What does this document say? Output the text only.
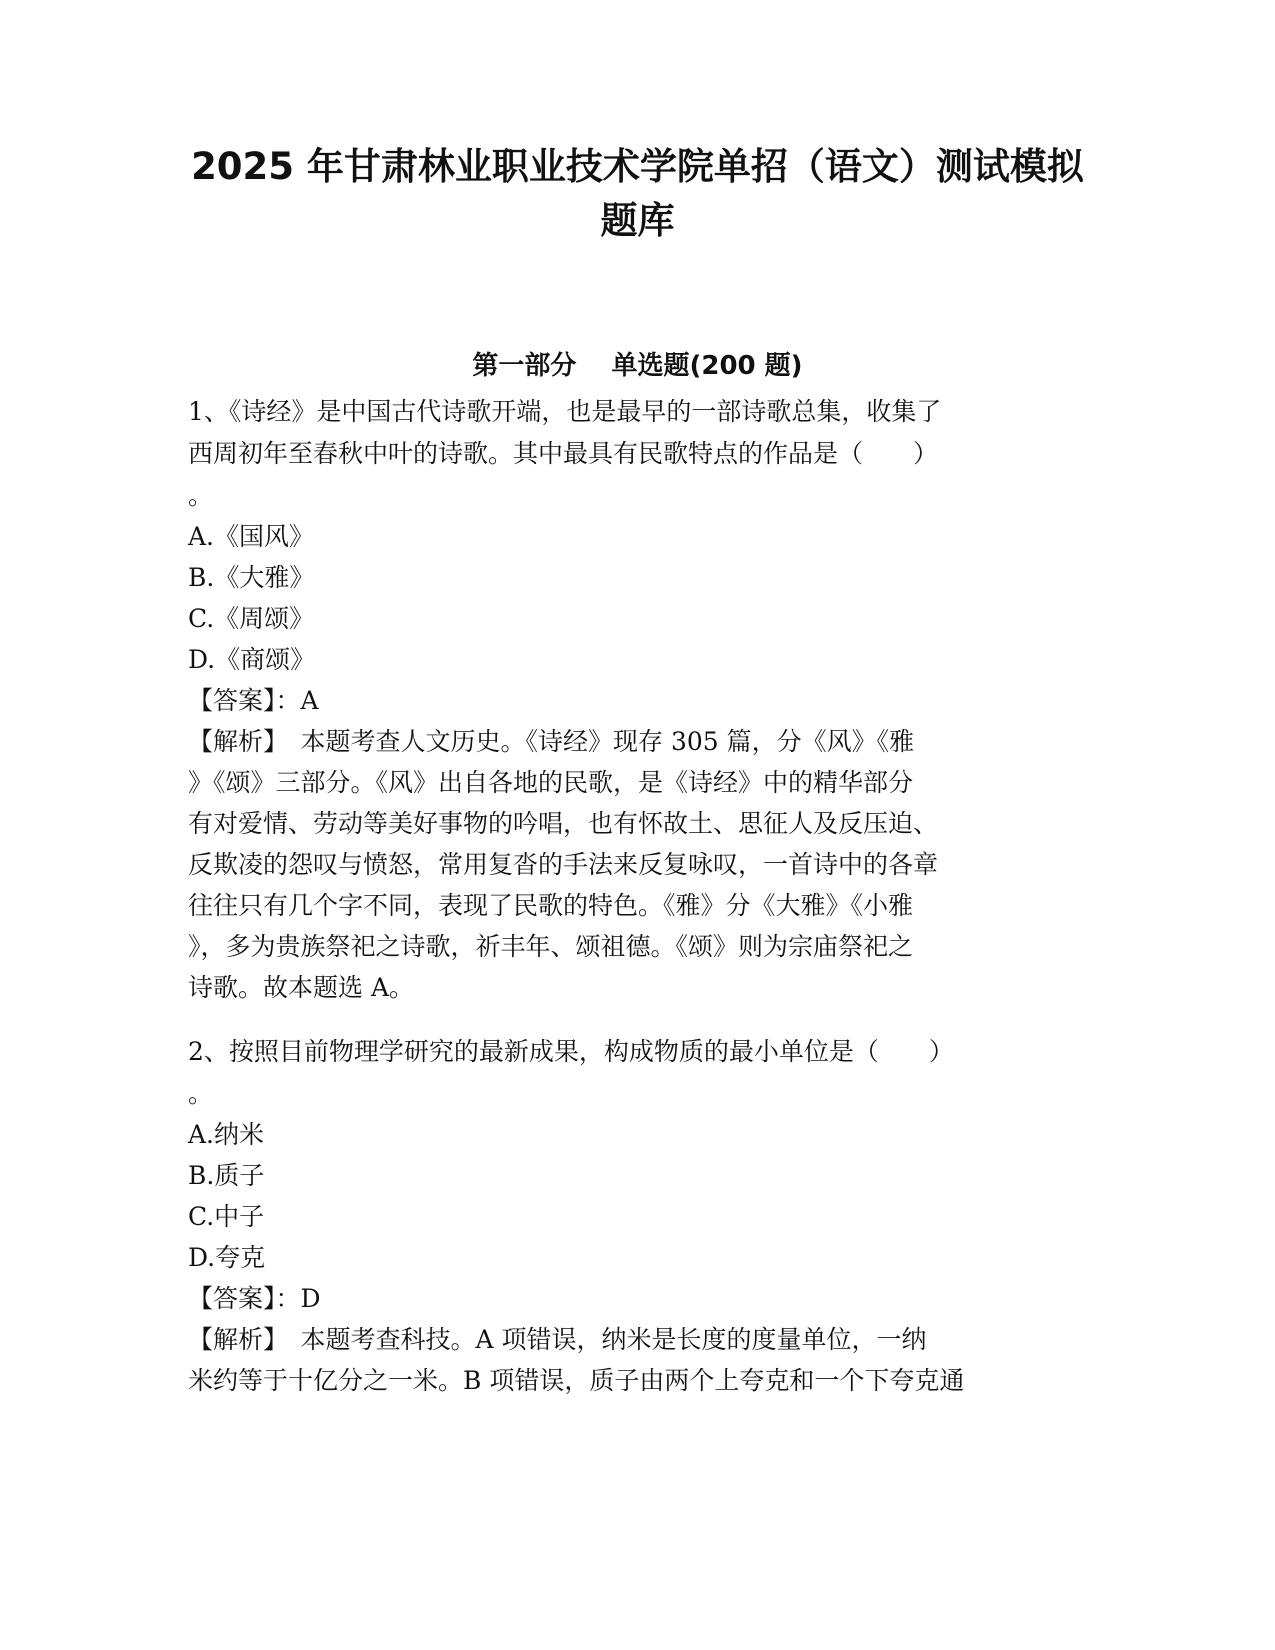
2025 年甘肃林业职业技术学院单招（语文）测试模拟
题库
第一部分　 单选题(200 题)

1、《诗经》是中国古代诗歌开端，也是最早的一部诗歌总集，收集了

西周初年至春秋中叶的诗歌。其中最具有民歌特点的作品是（　　）

。

A.《国风》

B.《大雅》

C.《周颂》

D.《商颂》

【答案】：A

【解析】　本题考查人文历史。《诗经》现存 305 篇，分《风》《雅

》《颂》三部分。《风》出自各地的民歌，是《诗经》中的精华部分

有对爱情、劳动等美好事物的吟唱，也有怀故土、思征人及反压迫、

反欺凌的怨叹与愤怒，常用复沓的手法来反复咏叹，一首诗中的各章

往往只有几个字不同，表现了民歌的特色。《雅》分《大雅》《小雅

》，多为贵族祭祀之诗歌，祈丰年、颂祖德。《颂》则为宗庙祭祀之

诗歌。故本题选 A。

2、按照目前物理学研究的最新成果，构成物质的最小单位是（　　）

。

A.纳米

B.质子

C.中子

D.夸克

【答案】：D

【解析】　本题考查科技。A 项错误，纳米是长度的度量单位，一纳

米约等于十亿分之一米。B 项错误，质子由两个上夸克和一个下夸克通
